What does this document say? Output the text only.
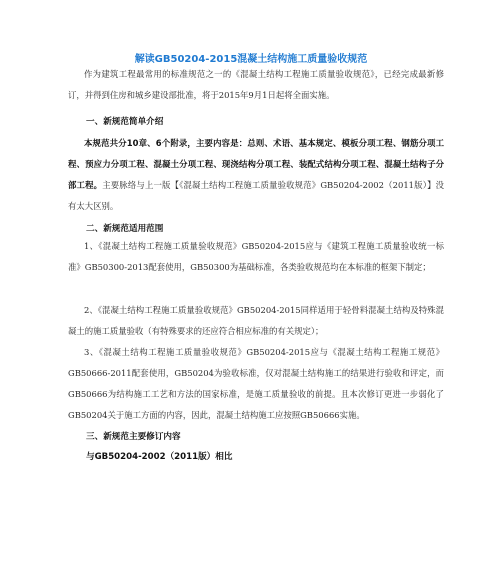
解读GB50204-2015混凝土结构施工质量验收规范
作为建筑工程最常用的标准规范之一的《混凝土结构工程施工质量验收规范》，已经完成最新修订，并得到住房和城乡建设部批准，将于2015年9月1日起将全面实施。
一、新规范简单介绍
本规范共分10章、6个附录，主要内容是：总则、术语、基本规定、模板分项工程、钢筋分项工程、预应力分项工程、混凝土分项工程、现浇结构分项工程、装配式结构分项工程、混凝土结构子分部工程。主要脉络与上一版【《混凝土结构工程施工质量验收规范》GB50204-2002（2011版）】没有太大区别。
二、新规范适用范围
1、《混凝土结构工程施工质量验收规范》GB50204-2015应与《建筑工程施工质量验收统一标准》GB50300-2013配套使用，GB50300为基础标准，各类验收规范均在本标准的框架下制定；
2、《混凝土结构工程施工质量验收规范》GB50204-2015同样适用于轻骨料混凝土结构及特殊混凝土的施工质量验收（有特殊要求的还应符合相应标准的有关规定）；
3、《混凝土结构工程施工质量验收规范》GB50204-2015应与《混凝土结构工程施工规范》GB50666-2011配套使用，GB50204为验收标准，仅对混凝土结构施工的结果进行验收和评定，而GB50666为结构施工工艺和方法的国家标准，是施工质量验收的前提。且本次修订更进一步弱化了GB50204关于施工方面的内容，因此，混凝土结构施工应按照GB50666实施。
三、新规范主要修订内容
与GB50204-2002（2011版）相比
